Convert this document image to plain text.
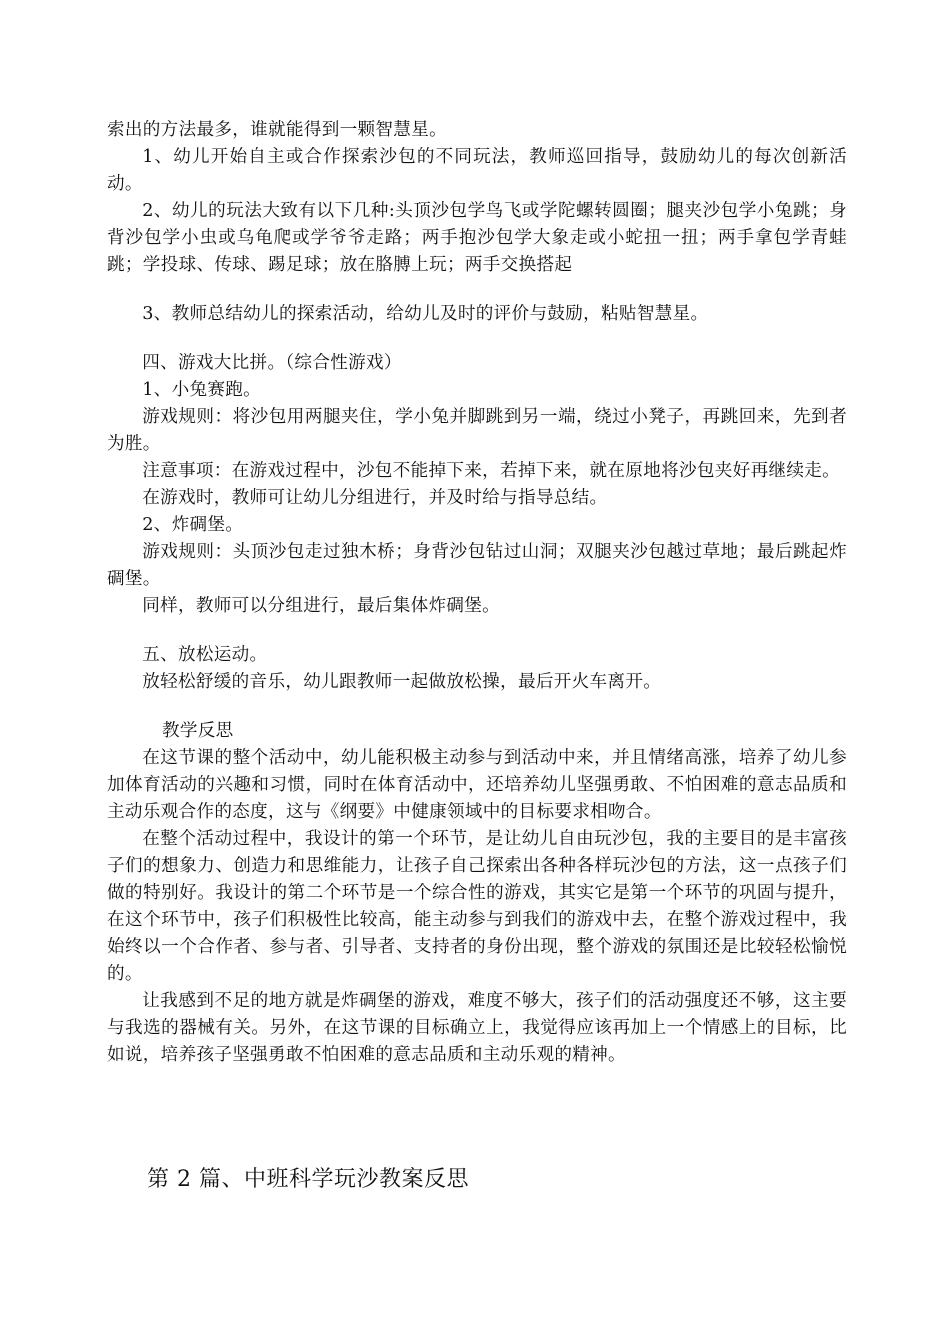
索出的方法最多，谁就能得到一颗智慧星。

1、幼儿开始自主或合作探索沙包的不同玩法，教师巡回指导，鼓励幼儿的每次创新活动。

2、幼儿的玩法大致有以下几种:头顶沙包学鸟飞或学陀螺转圆圈；腿夹沙包学小兔跳；身背沙包学小虫或乌龟爬或学爷爷走路；两手抱沙包学大象走或小蛇扭一扭；两手拿包学青蛙跳；学投球、传球、踢足球；放在胳膊上玩；两手交换搭起

3、教师总结幼儿的探索活动，给幼儿及时的评价与鼓励，粘贴智慧星。

四、游戏大比拼。（综合性游戏）

1、小兔赛跑。

游戏规则：将沙包用两腿夹住，学小兔并脚跳到另一端，绕过小凳子，再跳回来，先到者为胜。

注意事项：在游戏过程中，沙包不能掉下来，若掉下来，就在原地将沙包夹好再继续走。

在游戏时，教师可让幼儿分组进行，并及时给与指导总结。

2、炸碉堡。

游戏规则：头顶沙包走过独木桥；身背沙包钻过山洞；双腿夹沙包越过草地；最后跳起炸碉堡。

同样，教师可以分组进行，最后集体炸碉堡。

五、放松运动。

放轻松舒缓的音乐，幼儿跟教师一起做放松操，最后开火车离开。

教学反思

在这节课的整个活动中，幼儿能积极主动参与到活动中来，并且情绪高涨，培养了幼儿参加体育活动的兴趣和习惯，同时在体育活动中，还培养幼儿坚强勇敢、不怕困难的意志品质和主动乐观合作的态度，这与《纲要》中健康领域中的目标要求相吻合。

在整个活动过程中，我设计的第一个环节，是让幼儿自由玩沙包，我的主要目的是丰富孩子们的想象力、创造力和思维能力，让孩子自己探索出各种各样玩沙包的方法，这一点孩子们做的特别好。我设计的第二个环节是一个综合性的游戏，其实它是第一个环节的巩固与提升，在这个环节中，孩子们积极性比较高，能主动参与到我们的游戏中去，在整个游戏过程中，我始终以一个合作者、参与者、引导者、支持者的身份出现，整个游戏的氛围还是比较轻松愉悦的。

让我感到不足的地方就是炸碉堡的游戏，难度不够大，孩子们的活动强度还不够，这主要与我选的器械有关。另外，在这节课的目标确立上，我觉得应该再加上一个情感上的目标，比如说，培养孩子坚强勇敢不怕困难的意志品质和主动乐观的精神。

第 2 篇、中班科学玩沙教案反思
